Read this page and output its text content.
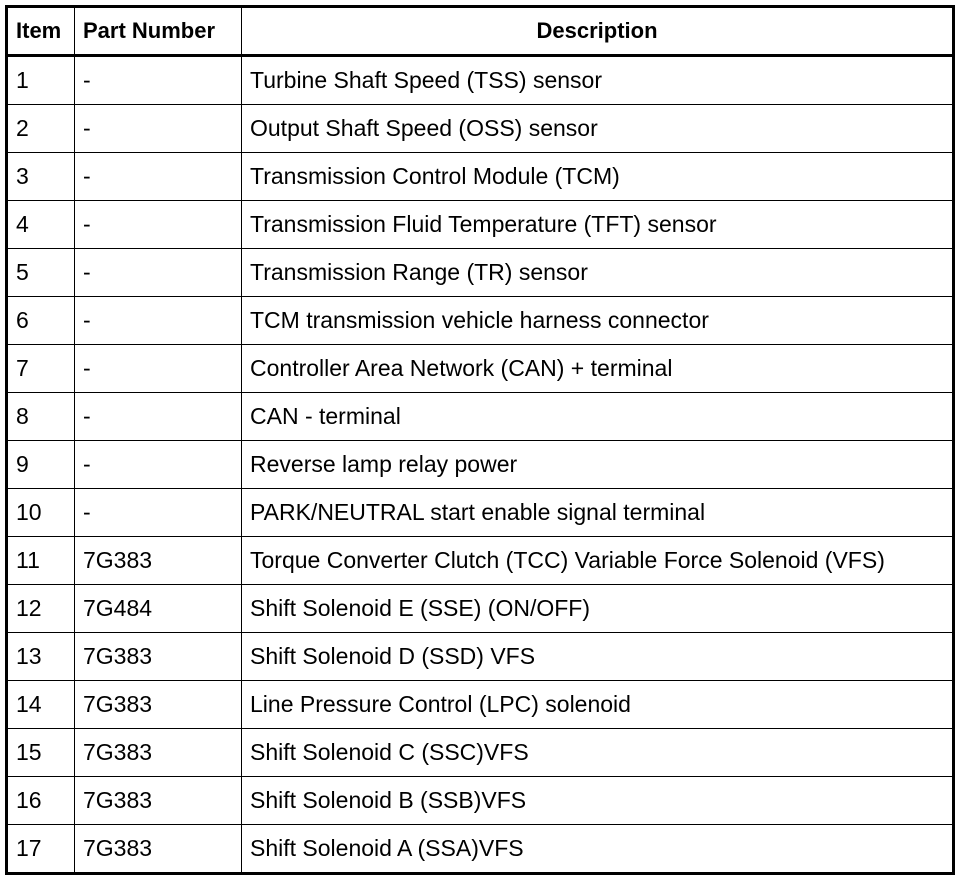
Item	Part Number	Description
1	-	Turbine Shaft Speed (TSS) sensor
2	-	Output Shaft Speed (OSS) sensor
3	-	Transmission Control Module (TCM)
4	-	Transmission Fluid Temperature (TFT) sensor
5	-	Transmission Range (TR) sensor
6	-	TCM transmission vehicle harness connector
7	-	Controller Area Network (CAN) + terminal
8	-	CAN - terminal
9	-	Reverse lamp relay power
10	-	PARK/NEUTRAL start enable signal terminal
11	7G383	Torque Converter Clutch (TCC) Variable Force Solenoid (VFS)
12	7G484	Shift Solenoid E (SSE) (ON/OFF)
13	7G383	Shift Solenoid D (SSD) VFS
14	7G383	Line Pressure Control (LPC) solenoid
15	7G383	Shift Solenoid C (SSC)VFS
16	7G383	Shift Solenoid B (SSB)VFS
17	7G383	Shift Solenoid A (SSA)VFS
